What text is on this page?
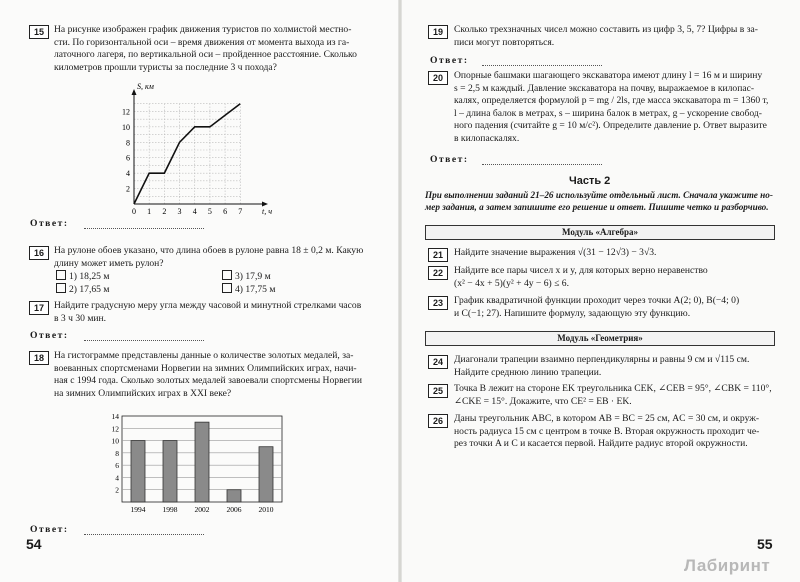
15	На рисунке изображен график движения туристов по холмистой местно-
сти. По горизонтальной оси – время движения от момента выхода из га-
латочного лагеря, по вертикальной оси – пройденное расстояние. Сколько
километров прошли туристы за последние 3 ч похода?
2
4
6
8
10
12
0 1 2 3 4 5 6 7
S, км
t, ч
Ответ:
16	На рулоне обоев указано, что длина обоев в рулоне равна 18 ± 0,2 м. Какую
длину может иметь рулон?
1) 18,25 м
2) 17,65 м
3) 17,9 м
4) 17,75 м
17	Найдите градусную меру угла между часовой и минутной стрелками часов
в 3 ч 30 мин.
Ответ:
18	На гистограмме представлены данные о количестве золотых медалей, за-
воеванных спортсменами Норвегии на зимних Олимпийских играх, начи-
ная с 1994 года. Сколько золотых медалей завоевали спортсмены Норвегии
на зимних Олимпийских играх в XXI веке?
2
4
6
8
10
12
14
1994 1998 2002 2006 2010
Ответ:
54
19	Сколько трехзначных чисел можно составить из цифр 3, 5, 7? Цифры в за-
писи могут повторяться.
Ответ:
20	Опорные башмаки шагающего экскаватора имеют длину l = 16 м и ширину
s = 2,5 м каждый. Давление экскаватора на почву, выражаемое в килопас-
калях, определяется формулой p = mg / 2ls, где масса экскаватора m = 1360 т,
l – длина балок в метрах, s – ширина балок в метрах, g – ускорение свобод-
ного падения (считайте g = 10 м/с²). Определите давление p. Ответ выразите
в килопаскалях.
Ответ:
Часть 2
При выполнении заданий 21–26 используйте отдельный лист. Сначала укажите но-
мер задания, а затем запишите его решение и ответ. Пишите четко и разборчиво.
Модуль «Алгебра»
21	Найдите значение выражения √(31 − 12√3) − 3√3.
22	Найдите все пары чисел x и y, для которых верно неравенство
(x² − 4x + 5)(y² + 4y − 6) ≤ 6.
23	График квадратичной функции проходит через точки A(2; 0), B(−4; 0)
и C(−1; 27). Напишите формулу, задающую эту функцию.
Модуль «Геометрия»
24	Диагонали трапеции взаимно перпендикулярны и равны 9 см и √115 см.
Найдите среднюю линию трапеции.
25	Точка B лежит на стороне EK треугольника CEK, ∠CEB = 95°, ∠CBK = 110°,
∠CKE = 15°. Докажите, что CE² = EB · EK.
26	Даны треугольник ABC, в котором AB = BC = 25 см, AC = 30 см, и окруж-
ность радиуса 15 см с центром в точке B. Вторая окружность проходит че-
рез точки A и C и касается первой. Найдите радиус второй окружности.
55
Лабиринт
